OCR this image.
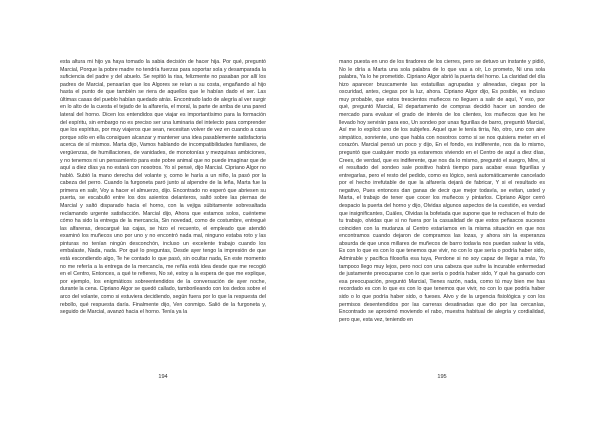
esta altura mi hijo ya haya tomado la sabia decisión de hacer hija. Por qué, preguntó Marcial, Porque la pobre madre no tendría fuerzas para soportar sola y desamparada la suficiencia del padre y del abuelo. Se repitió la risa, felizmente no pasaban por allí los padres de Marcial, pensarían que los Algores se reían a su costa, engañando al hijo hasta el punto de que también se riera de aquellos que le habían dado el ser. Las últimas casas del pueblo habían quedado atrás. Encontrado lado de alegría al ver surgir en lo alto de la cuesta el tejado de la alfarería, el moral, la parte de arriba de una pared lateral del horno. Dicen los entendidos que viajar es importantísimo para la formación del espíritu, sin embargo no es preciso ser una luminaria del intelecto para comprender que los espíritus, por muy viajeros que sean, necesitan volver de vez en cuando a casa porque sólo en ella consiguen alcanzar y mantener una idea pasablemente satisfactoria acerca de sí mismos. Marta dijo, Vamos hablando de incompatibilidades familiares, de vergüenzas, de humillaciones, de vanidades, de monotonías y mezquinas ambiciones, y no tenemos ni un pensamiento para este pobre animal que no puede imaginar que de aquí a diez días ya no estará con nosotros. Yo sí pensé, dijo Marcial. Cipriano Algor no habló. Subió la mano derecha del volante y, como le haría a un niño, la pasó por la cabeza del perro. Cuando la furgoneta paró junto al alpendre de la leña, Marta fue la primera en salir, Voy a hacer el almuerzo, dijo. Encontrado no esperó que abriesen su puerta, se escabulló entre los dos asientos delanteros, saltó sobre las piernas de Marcial y saltó disparado hacia el horno, con la vejiga súbitamente sobresaltada reclamando urgente satisfacción. Marcial dijo, Ahora que estamos solos, cuénteme cómo ha sido la entrega de la mercancía, Sin novedad, como de costumbre, entregué las alfareras, descargué las cajas, se hizo el recuento, el empleado que atendió examinó los muñecos uno por uno y no encontró nada mal, ninguno estaba roto y las pinturas no tenían ningún desconchón, incluso un excelente trabajo cuando los embalaste, Nada, nada. Por qué lo preguntas, Desde ayer tengo la impresión de que está escondiendo algo, Te he contado lo que pasó, sin ocultar nada, En este momento no me refería a la entrega de la mercancía, me reñía está idea desde que me recogió en el Centro, Entonces, a qué te refieres, No sé, estoy a la espera de que me explique, por ejemplo, los enigmáticos sobreentendidos de la conversación de ayer noche, durante la cena. Cipriano Algor se quedó callado, tamborileando con los dedos sobre el arco del volante, como si estuviera decidiendo, según fuera por lo que la respuesta del rebollo, qué respuesta daría. Finalmente dijo, Ven conmigo. Salió de la furgoneta y, seguido de Marcial, avanzó hacia el horno. Tenía ya la

194

mano puesta en uno de los tiradores de los cierres, pero se detuvo un instante y pidió, No le diría a Marta una sola palabra de lo que vas a oír, Lo prometo, Ni una sola palabra, Ya lo he prometido. Cipriano Algor abrió la puerta del horno. La claridad del día hizo aparecer bruscamente las estatuillas agrupadas y alineadas, ciegas por la oscuridad, antes, ciegas por la luz, ahora. Cipriano Algor dijo, Es posible, es incluso muy probable, que estos trescientos muñecos no lleguen a salir de aquí, Y eso, por qué, preguntó Marcial, El departamento de compras decidió hacer un sondeo de mercado para evaluar el grado de interés de los clientes, los muñecos que les he llevado hoy servirán para eso, Un sondeo por unas figurillas de barro, preguntó Marcial, Así me lo explicó uno de los subjefes. Aquel que le tenía tirria, No, otro, uno con aire simpático, sonriente, uno que habla con nosotros como si se nos quisiera meter en el corazón. Marcial pensó un poco y dijo, En el fondo, es indiferente, nos da lo mismo, preguntó que cualquier modo ya estaremos viviendo en el Centro de aquí a diez días, Crees, de verdad, que es indiferente, que nos da lo mismo, preguntó el suegro, Mire, si el resultado del sondeo sale positivo habrá tiempo para acabar esas figurillas y entregarlas, pero el resto del pedido, como es lógico, será automáticamente cancelado por el hecho irrefutable de que la alfarería dejará de fabricar, Y si el resultado es negativo, Pues entonces dan ganas de decir que mejor todavía, se evitan, usted y Marta, el trabajo de tener que cocer los muñecos y pintarlos. Cipriano Algor cerró despacio la puerta del horno y dijo, Olvidas algunos aspectos de la cuestión, es verdad que insignificantes, Cuáles, Olvidas la bofetada que supone que te rechacen el fruto de tu trabajo, olvidas que si no fuera por la casualidad de que estos peñascos sucesos coinciden con la mudanza al Centro estaríamos en la misma situación en que nos encontramos cuando dejaron de compramos las lozas, y ahora sin la esperanza absurda de que unos millares de muñecos de barro todavía nos puedan salvar la vida, Es con lo que es con lo que tenemos que vivir, no con lo que sería o podría haber sido, Admirable y pacífica filosofía esa tuya, Perdone si no soy capaz de llegar a más, Yo tampoco llego muy lejos, pero noci con una cabeza que sufre la incurable enfermedad de justamente preocuparse con lo que sería o podría haber sido, Y qué ha ganado con esa preocupación, preguntó Marcial, Tienes razón, nada, como tú muy bien me has recordado es con lo que es con lo que tenemos que vivir, no con lo que podría haber sido o lo que podría haber sido, o fueses. Alvo y de la urgencia fisiológica y con los permisos desentendidos por las carreras desatinadas que dio por las cercanías, Encontrado se aproximó moviendo el rabo, muestra habitual de alegría y cordialidad, pero que, esta vez, teniendo en

195
